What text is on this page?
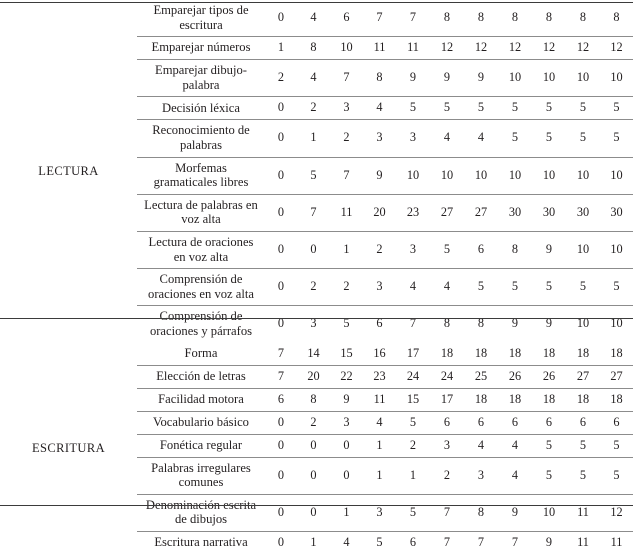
LECTURA	Emparejar tipos de escritura	0	4	6	7	7	8	8	8	8	8	8
	Emparejar números	1	8	10	11	11	12	12	12	12	12	12
	Emparejar dibujo-palabra	2	4	7	8	9	9	9	10	10	10	10
	Decisión léxica	0	2	3	4	5	5	5	5	5	5	5
	Reconocimiento de palabras	0	1	2	3	3	4	4	5	5	5	5
	Morfemas gramaticales libres	0	5	7	9	10	10	10	10	10	10	10
	Lectura de palabras en voz alta	0	7	11	20	23	27	27	30	30	30	30
	Lectura de oraciones en voz alta	0	0	1	2	3	5	6	8	9	10	10
	Comprensión de oraciones en voz alta	0	2	2	3	4	4	5	5	5	5	5
	Comprensión de oraciones y párrafos	0	3	5	6	7	8	8	9	9	10	10
ESCRITURA	Forma	7	14	15	16	17	18	18	18	18	18	18
	Elección de letras	7	20	22	23	24	24	25	26	26	27	27
	Facilidad motora	6	8	9	11	15	17	18	18	18	18	18
	Vocabulario básico	0	2	3	4	5	6	6	6	6	6	6
	Fonética regular	0	0	0	1	2	3	4	4	5	5	5
	Palabras irregulares comunes	0	0	0	1	1	2	3	4	5	5	5
	Denominación escrita de dibujos	0	0	1	3	5	7	8	9	10	11	12
	Escritura narrativa	0	1	4	5	6	7	7	7	9	11	11
